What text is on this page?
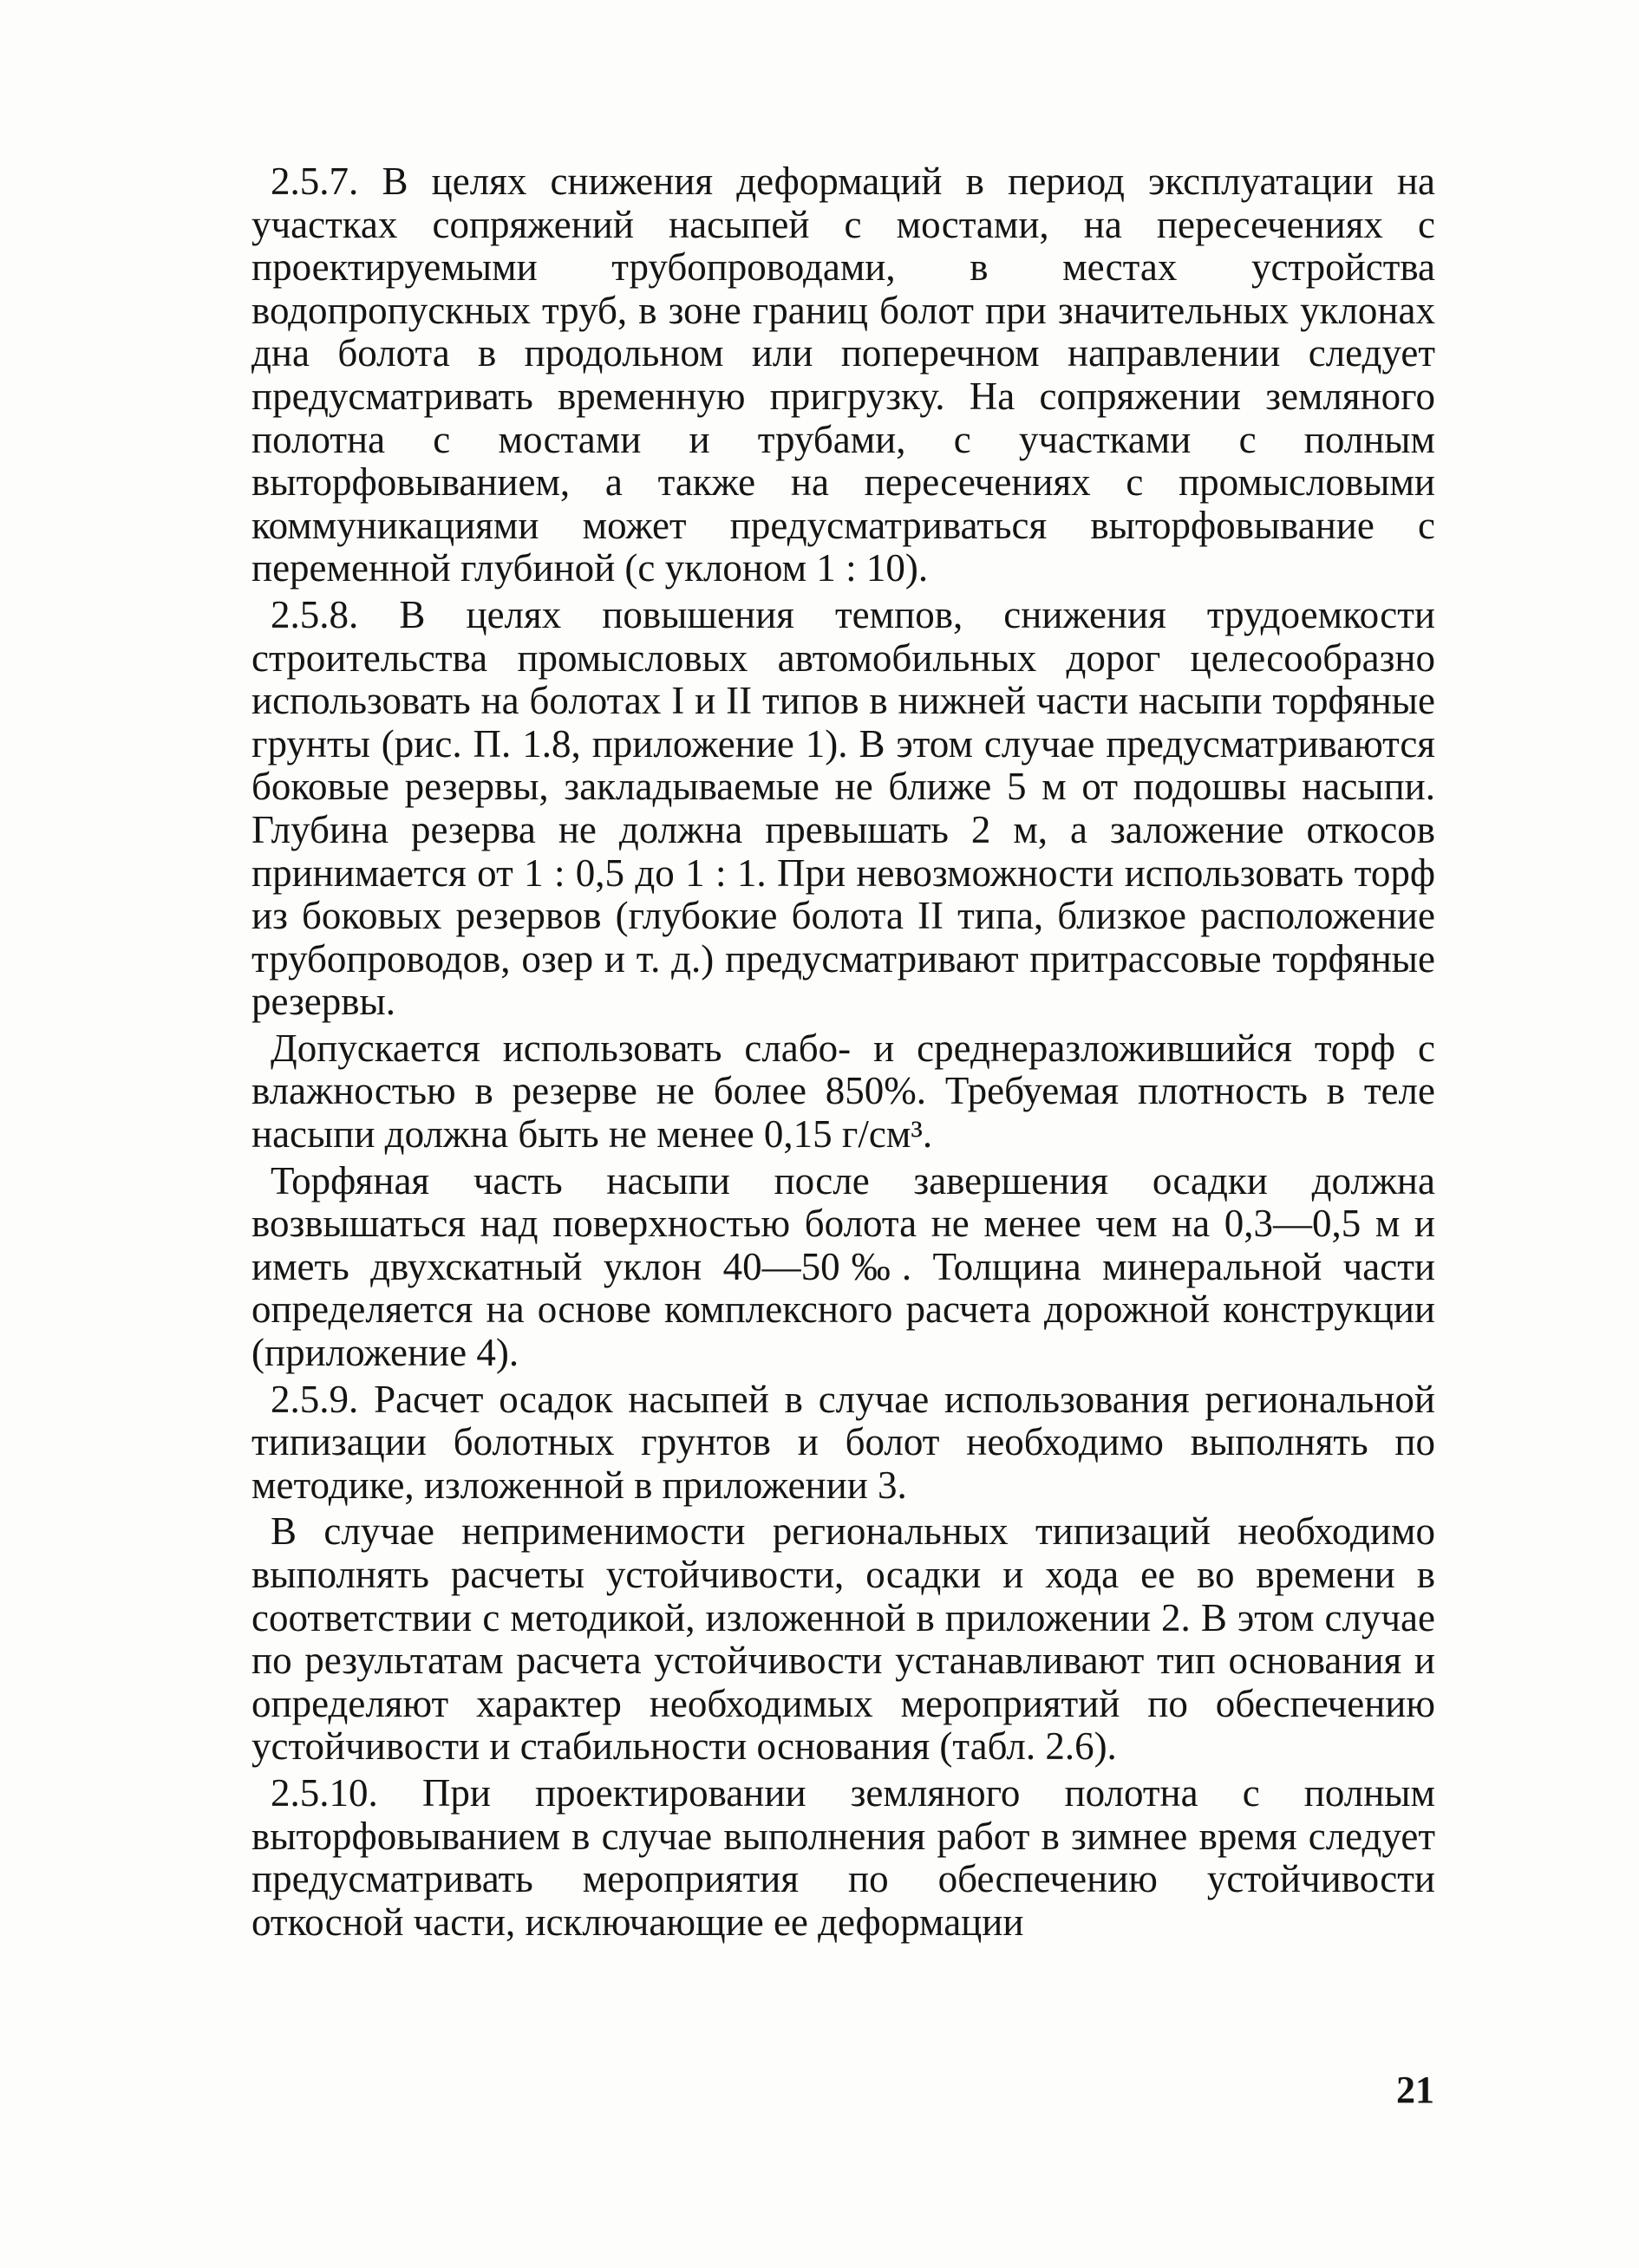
2.5.7. В целях снижения деформаций в период эксплуатации на участках сопряжений насыпей с мостами, на пересечениях с проектируемыми трубопроводами, в местах устройства водопропускных труб, в зоне границ болот при значительных уклонах дна болота в продольном или поперечном направлении следует предусматривать временную пригрузку. На сопряжении земляного полотна с мостами и трубами, с участками с полным выторфовыванием, а также на пересечениях с промысловыми коммуникациями может предусматриваться выторфовывание с переменной глубиной (с уклоном 1 : 10).

2.5.8. В целях повышения темпов, снижения трудоемкости строительства промысловых автомобильных дорог целесообразно использовать на болотах I и II типов в нижней части насыпи торфяные грунты (рис. П. 1.8, приложение 1). В этом случае предусматриваются боковые резервы, закладываемые не ближе 5 м от подошвы насыпи. Глубина резерва не должна превышать 2 м, а заложение откосов принимается от 1 : 0,5 до 1 : 1. При невозможности использовать торф из боковых резервов (глубокие болота II типа, близкое расположение трубопроводов, озер и т. д.) предусматривают притрассовые торфяные резервы.

Допускается использовать слабо- и среднеразложившийся торф с влажностью в резерве не более 850%. Требуемая плотность в теле насыпи должна быть не менее 0,15 г/см³.

Торфяная часть насыпи после завершения осадки должна возвышаться над поверхностью болота не менее чем на 0,3—0,5 м и иметь двухскатный уклон 40—50‰. Толщина минеральной части определяется на основе комплексного расчета дорожной конструкции (приложение 4).

2.5.9. Расчет осадок насыпей в случае использования региональной типизации болотных грунтов и болот необходимо выполнять по методике, изложенной в приложении 3.

В случае неприменимости региональных типизаций необходимо выполнять расчеты устойчивости, осадки и хода ее во времени в соответствии с методикой, изложенной в приложении 2. В этом случае по результатам расчета устойчивости устанавливают тип основания и определяют характер необходимых мероприятий по обеспечению устойчивости и стабильности основания (табл. 2.6).

2.5.10. При проектировании земляного полотна с полным выторфовыванием в случае выполнения работ в зимнее время следует предусматривать мероприятия по обеспечению устойчивости откосной части, исключающие ее деформации

21
